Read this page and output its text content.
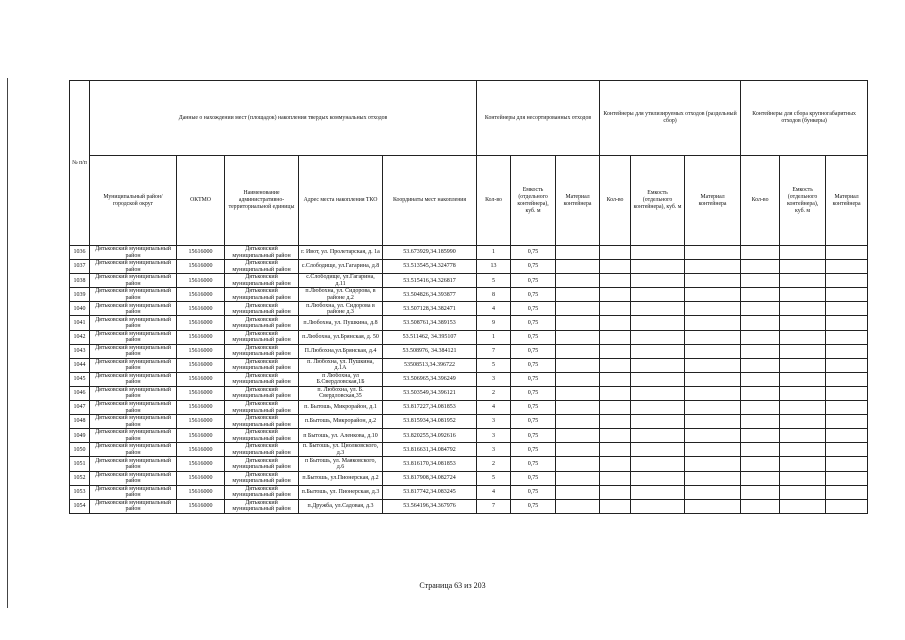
№ п/п	Данные о нахождении мест (площадок) накопления твердых коммунальных отходов					Контейнеры для несортированных отходов			Контейнеры для утилизируемых отходов (раздельный сбор)			Контейнеры для сбора крупногабаритных отходов (бункеры)		
	Муниципальный район/городской округ	ОКТМО	Наименование административно-территориальной единицы	Адрес места накопления ТКО	Координаты мест накопления	Кол-во	Емкость (отдельного контейнера), куб. м	Материал контейнера	Кол-во	Емкость (отдельного контейнера), куб. м	Материал контейнера	Кол-во	Емкость (отдельного контейнера), куб. м	Материал контейнера
1036	Дятьковский муниципальный район	15616000	Дятьковский муниципальный район	г. Ивот, ул. Пролетарская, д. 1а	53.673929,34.185990	1	0,75							
1037	Дятьковский муниципальный район	15616000	Дятьковский муниципальный район	с.Слободище, ул.Гагарина, д.8	53.513545,34.324778	13	0,75							
1038	Дятьковский муниципальный район	15616000	Дятьковский муниципальный район	с.Слободище, ул.Гагарина, д.11	53.515416,34.326817	5	0,75							
1039	Дятьковский муниципальный район	15616000	Дятьковский муниципальный район	п.Любохна, ул. Сидорова, в районе д.2	53.504826,34.393877	8	0,75							
1040	Дятьковский муниципальный район	15616000	Дятьковский муниципальный район	п.Любохна, ул. Сидорова в районе д.3	53.507128,34.382471	4	0,75							
1041	Дятьковский муниципальный район	15616000	Дятьковский муниципальный район	п.Любохна, ул. Пушкина, д.8	53.508761,34.389153	9	0,75							
1042	Дятьковский муниципальный район	15616000	Дятьковский муниципальный район	п.Любохна, ул.Брянская, д. 50	53.511462, 34.395107	1	0,75							
1043	Дятьковский муниципальный район	15616000	Дятьковский муниципальный район	П.Любохна,ул.Брянская, д.4	53.508976, 34.384121	7	0,75							
1044	Дятьковский муниципальный район	15616000	Дятьковский муниципальный район	п. Любохна, ул. Пушкина, д.1А	53508513,34.396722	5	0,75							
1045	Дятьковский муниципальный район	15616000	Дятьковский муниципальный район	п Любохна, ул Б.Свердловская,1Б	53.506965,34.396249	3	0,75							
1046	Дятьковский муниципальный район	15616000	Дятьковский муниципальный район	п. Любохна, ул. Б. Свердловская,35	53.503549,34.396121	2	0,75							
1047	Дятьковский муниципальный район	15616000	Дятьковский муниципальный район	п. Бытошь, Микрорайон, д.1	53.817227,34.081853	4	0,75							
1048	Дятьковский муниципальный район	15616000	Дятьковский муниципальный район	п.Бытошь, Микрорайон, д.2	53.815934,34.081952	3	0,75							
1049	Дятьковский муниципальный район	15616000	Дятьковский муниципальный район	п Бытошь, ул. Аленкова, д.10	53.820255,34.092616	3	0,75							
1050	Дятьковский муниципальный район	15616000	Дятьковский муниципальный район	п. Бытошь, ул. Циолковского, д.3	53.816631,34.084792	3	0,75							
1051	Дятьковский муниципальный район	15616000	Дятьковский муниципальный район	п Бытошь, ул. Маяковского, д.6	53.816170,34.081853	2	0,75							
1052	Дятьковский муниципальный район	15616000	Дятьковский муниципальный район	п.Бытошь, ул.Пионерская, д.2	53.817908,34.082724	5	0,75							
1053	Дятьковский муниципальный район	15616000	Дятьковский муниципальный район	п.Бытошь, ул. Пионерская, д.3	53.817742,34.083245	4	0,75							
1054	Дятьковский муниципальный район	15616000	Дятьковский муниципальный район	п.Дружба, ул.Садовая, д.3	53.564196,34.367976	7	0,75							
Страница 63 из 203
